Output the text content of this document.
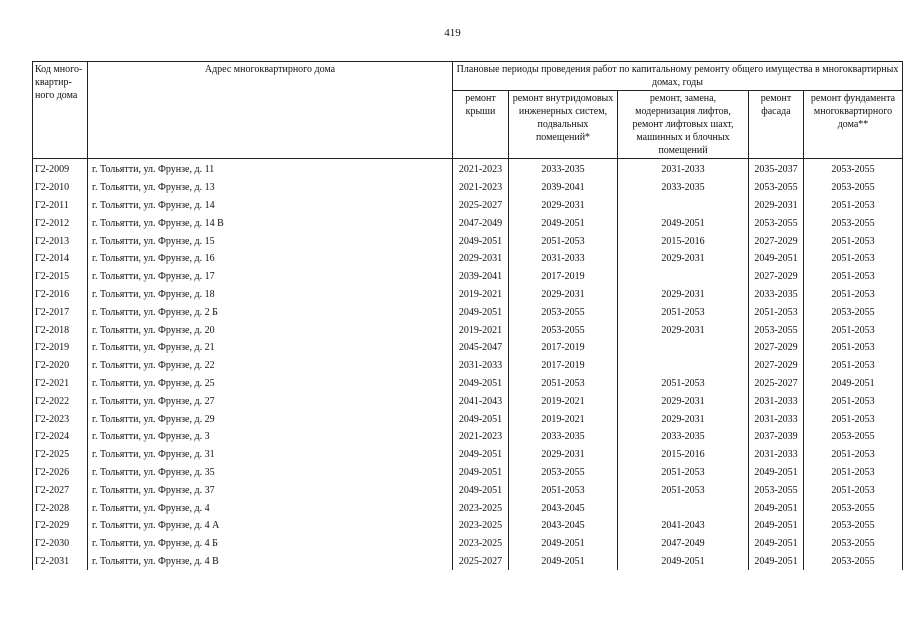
419
Код много-квартир-ного дома	Адрес многоквартирного дома	Плановые периоды проведения работ по капитальному ремонту общего имущества в многоквартирных домах, годы				
		ремонт крыши	ремонт внутридомовых инженерных систем, подвальных помещений*	ремонт, замена, модернизация лифтов, ремонт лифтовых шахт, машинных и блочных помещений	ремонт фасада	ремонт фундамента многоквартирного дома**
Г2-2009	г. Тольятти, ул. Фрунзе, д. 11	2021-2023	2033-2035	2031-2033	2035-2037	2053-2055
Г2-2010	г. Тольятти, ул. Фрунзе, д. 13	2021-2023	2039-2041	2033-2035	2053-2055	2053-2055
Г2-2011	г. Тольятти, ул. Фрунзе, д. 14	2025-2027	2029-2031		2029-2031	2051-2053
Г2-2012	г. Тольятти, ул. Фрунзе, д. 14 В	2047-2049	2049-2051	2049-2051	2053-2055	2053-2055
Г2-2013	г. Тольятти, ул. Фрунзе, д. 15	2049-2051	2051-2053	2015-2016	2027-2029	2051-2053
Г2-2014	г. Тольятти, ул. Фрунзе, д. 16	2029-2031	2031-2033	2029-2031	2049-2051	2051-2053
Г2-2015	г. Тольятти, ул. Фрунзе, д. 17	2039-2041	2017-2019		2027-2029	2051-2053
Г2-2016	г. Тольятти, ул. Фрунзе, д. 18	2019-2021	2029-2031	2029-2031	2033-2035	2051-2053
Г2-2017	г. Тольятти, ул. Фрунзе, д. 2 Б	2049-2051	2053-2055	2051-2053	2051-2053	2053-2055
Г2-2018	г. Тольятти, ул. Фрунзе, д. 20	2019-2021	2053-2055	2029-2031	2053-2055	2051-2053
Г2-2019	г. Тольятти, ул. Фрунзе, д. 21	2045-2047	2017-2019		2027-2029	2051-2053
Г2-2020	г. Тольятти, ул. Фрунзе, д. 22	2031-2033	2017-2019		2027-2029	2051-2053
Г2-2021	г. Тольятти, ул. Фрунзе, д. 25	2049-2051	2051-2053	2051-2053	2025-2027	2049-2051
Г2-2022	г. Тольятти, ул. Фрунзе, д. 27	2041-2043	2019-2021	2029-2031	2031-2033	2051-2053
Г2-2023	г. Тольятти, ул. Фрунзе, д. 29	2049-2051	2019-2021	2029-2031	2031-2033	2051-2053
Г2-2024	г. Тольятти, ул. Фрунзе, д. 3	2021-2023	2033-2035	2033-2035	2037-2039	2053-2055
Г2-2025	г. Тольятти, ул. Фрунзе, д. 31	2049-2051	2029-2031	2015-2016	2031-2033	2051-2053
Г2-2026	г. Тольятти, ул. Фрунзе, д. 35	2049-2051	2053-2055	2051-2053	2049-2051	2051-2053
Г2-2027	г. Тольятти, ул. Фрунзе, д. 37	2049-2051	2051-2053	2051-2053	2053-2055	2051-2053
Г2-2028	г. Тольятти, ул. Фрунзе, д. 4	2023-2025	2043-2045		2049-2051	2053-2055
Г2-2029	г. Тольятти, ул. Фрунзе, д. 4 А	2023-2025	2043-2045	2041-2043	2049-2051	2053-2055
Г2-2030	г. Тольятти, ул. Фрунзе, д. 4 Б	2023-2025	2049-2051	2047-2049	2049-2051	2053-2055
Г2-2031	г. Тольятти, ул. Фрунзе, д. 4 В	2025-2027	2049-2051	2049-2051	2049-2051	2053-2055
